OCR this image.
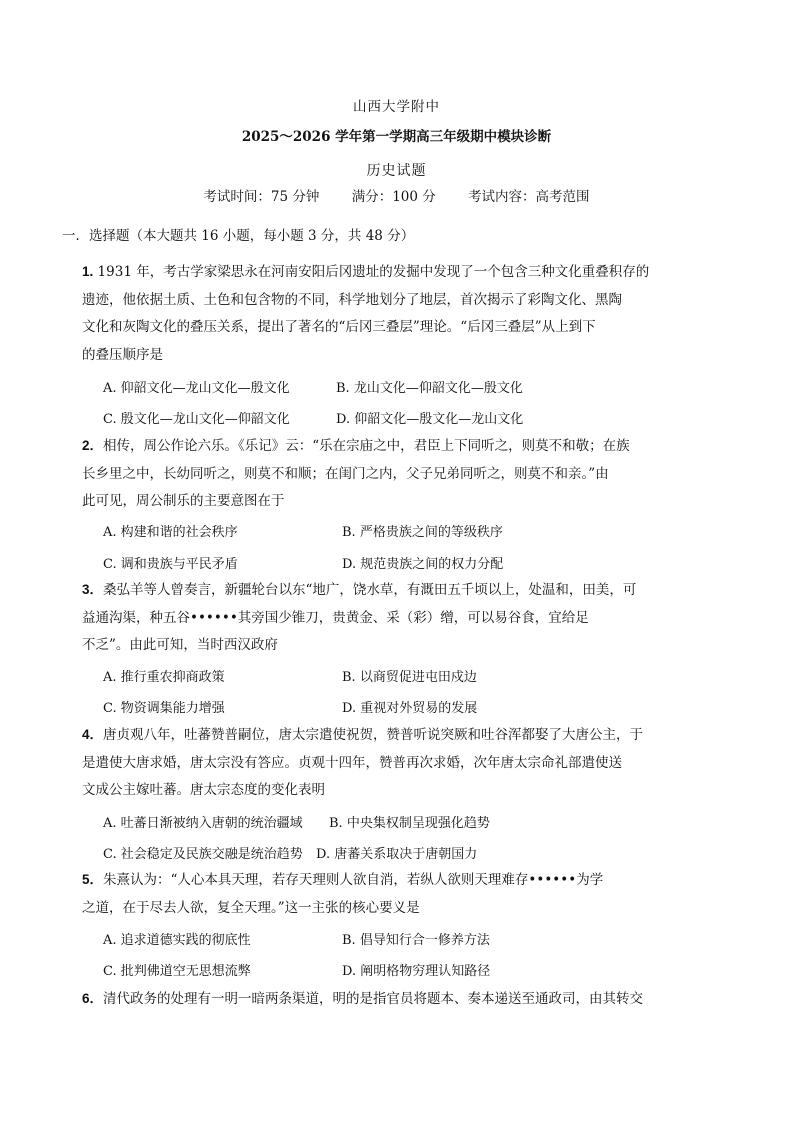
山西大学附中
2025～2026 学年第一学期高三年级期中模块诊断
历史试题
考试时间：75 分钟 满分：100 分 考试内容：高考范围
一．选择题（本大题共 16 小题，每小题 3 分，共 48 分）
1. 1931 年，考古学家梁思永在河南安阳后冈遗址的发掘中发现了一个包含三种文化重叠积存的
遗迹，他依据土质、土色和包含物的不同，科学地划分了地层，首次揭示了彩陶文化、黑陶
文化和灰陶文化的叠压关系，提出了著名的“后冈三叠层”理论。“后冈三叠层”从上到下
的叠压顺序是
A. 仰韶文化—龙山文化—殷文化	B. 龙山文化—仰韶文化—殷文化
C. 殷文化—龙山文化—仰韶文化	D. 仰韶文化—殷文化—龙山文化
2．相传，周公作论六乐。《乐记》云：“乐在宗庙之中，君臣上下同听之，则莫不和敬；在族
长乡里之中，长幼同听之，则莫不和顺；在闺门之内，父子兄弟同听之，则莫不和亲。”由
此可见，周公制乐的主要意图在于
A. 构建和谐的社会秩序	B. 严格贵族之间的等级秩序
C. 调和贵族与平民矛盾	D. 规范贵族之间的权力分配
3．桑弘羊等人曾奏言，新疆轮台以东“地广，饶水草，有溉田五千顷以上，处温和，田美，可
益通沟渠，种五谷••••••其旁国少锥刀，贵黄金、采（彩）缯，可以易谷食，宜给足
不乏”。由此可知，当时西汉政府
A. 推行重农抑商政策	B. 以商贸促进屯田戍边
C. 物资调集能力增强	D. 重视对外贸易的发展
4．唐贞观八年，吐蕃赞普嗣位，唐太宗遣使祝贺，赞普听说突厥和吐谷浑都娶了大唐公主，于
是遣使大唐求婚，唐太宗没有答应。贞观十四年，赞普再次求婚，次年唐太宗命礼部遣使送
文成公主嫁吐蕃。唐太宗态度的变化表明
A. 吐蕃日渐被纳入唐朝的统治疆域 B. 中央集权制呈现强化趋势
C. 社会稳定及民族交融是统治趋势 D. 唐蕃关系取决于唐朝国力
5．朱熹认为：“人心本具天理，若存天理则人欲自消，若纵人欲则天理难存••••••为学
之道，在于尽去人欲，复全天理。”这一主张的核心要义是
A. 追求道德实践的彻底性	B. 倡导知行合一修养方法
C. 批判佛道空无思想流弊	D. 阐明格物穷理认知路径
6．清代政务的处理有一明一暗两条渠道，明的是指官员将题本、奏本递送至通政司，由其转交
